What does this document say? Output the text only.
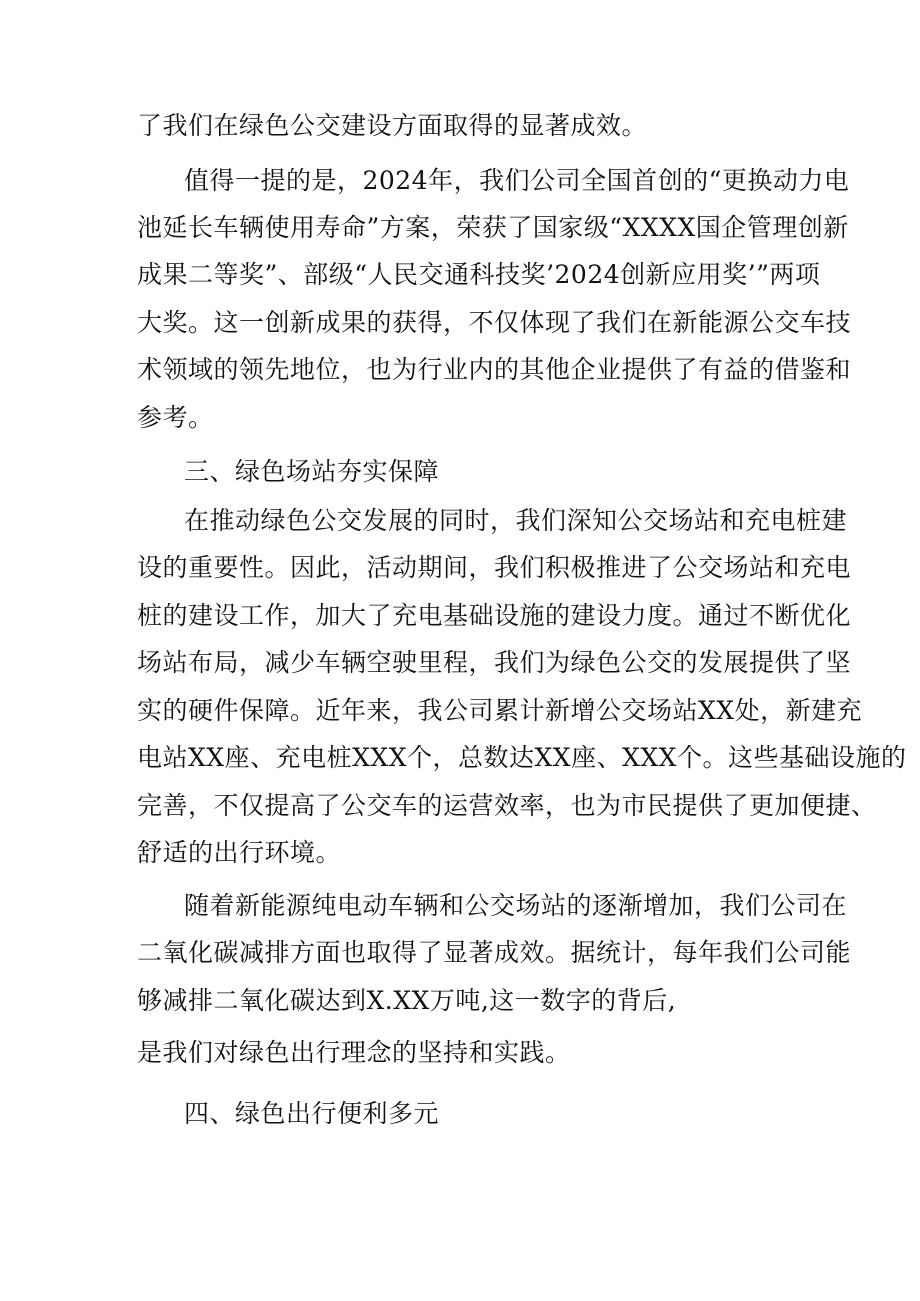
了我们在绿色公交建设方面取得的显著成效。
值得一提的是，2024年，我们公司全国首创的“更换动力电
池延长车辆使用寿命”方案，荣获了国家级“XXXX国企管理创新
成果二等奖”、部级“人民交通科技奖’2024创新应用奖’”两项
大奖。这一创新成果的获得，不仅体现了我们在新能源公交车技
术领域的领先地位，也为行业内的其他企业提供了有益的借鉴和
参考。
三、绿色场站夯实保障
在推动绿色公交发展的同时，我们深知公交场站和充电桩建
设的重要性。因此，活动期间，我们积极推进了公交场站和充电
桩的建设工作，加大了充电基础设施的建设力度。通过不断优化
场站布局，减少车辆空驶里程，我们为绿色公交的发展提供了坚
实的硬件保障。近年来，我公司累计新增公交场站XX处，新建充
电站XX座、充电桩XXX个，总数达XX座、XXX个。这些基础设施的
完善，不仅提高了公交车的运营效率，也为市民提供了更加便捷、
舒适的出行环境。
随着新能源纯电动车辆和公交场站的逐渐增加，我们公司在
二氧化碳减排方面也取得了显著成效。据统计，每年我们公司能
够减排二氧化碳达到X.XX万吨,这一数字的背后,
是我们对绿色出行理念的坚持和实践。
四、绿色出行便利多元
